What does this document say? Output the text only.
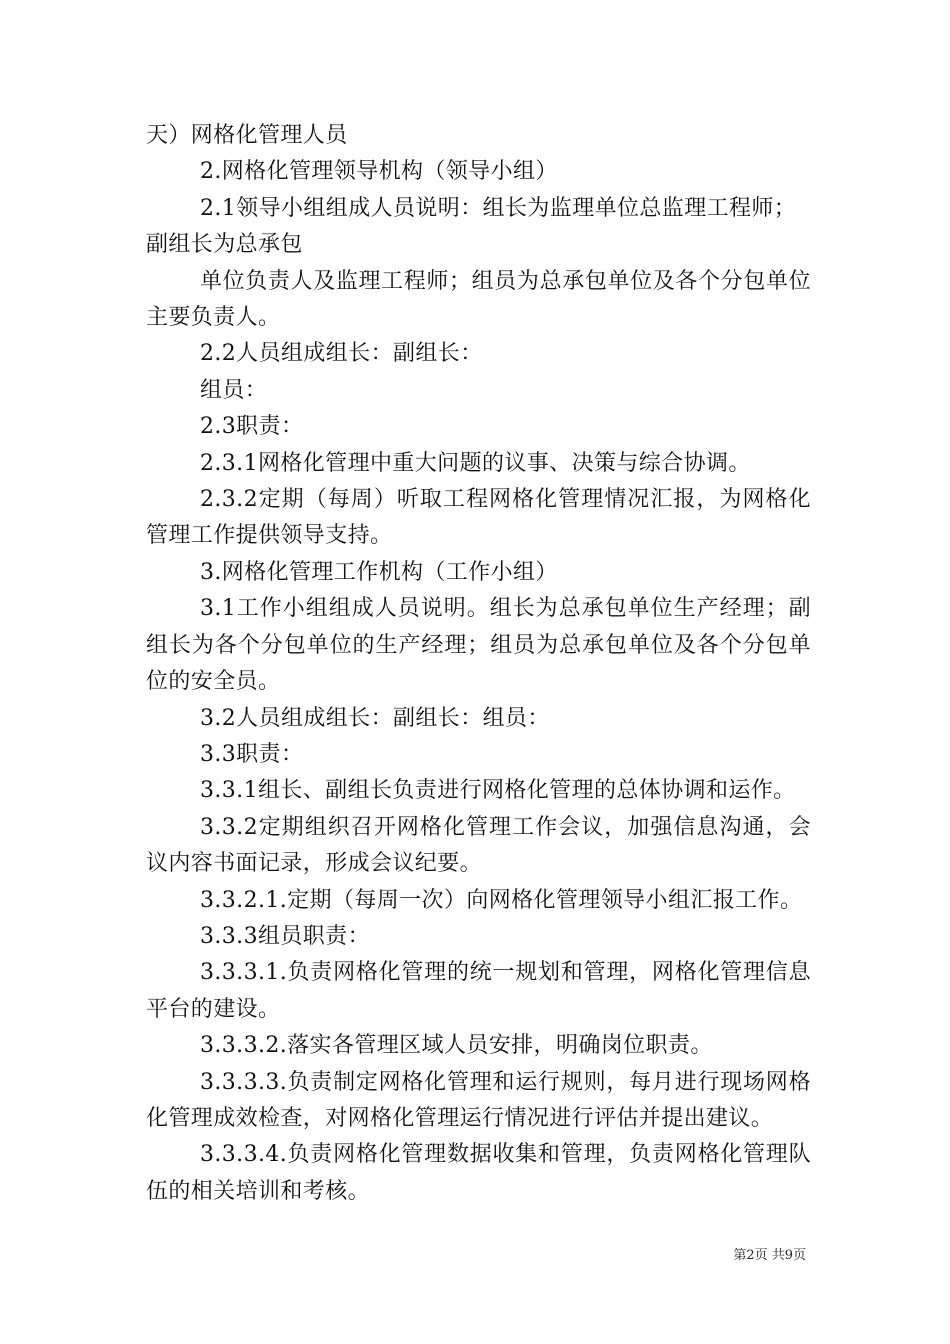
天）网格化管理人员

2.网格化管理领导机构（领导小组）

2.1领导小组组成人员说明：组长为监理单位总监理工程师；

副组长为总承包

单位负责人及监理工程师；组员为总承包单位及各个分包单位主要负责人。

2.2人员组成组长：副组长：

组员：

2.3职责：

2.3.1网格化管理中重大问题的议事、决策与综合协调。

2.3.2定期（每周）听取工程网格化管理情况汇报，为网格化管理工作提供领导支持。

3.网格化管理工作机构（工作小组）

3.1工作小组组成人员说明。组长为总承包单位生产经理；副组长为各个分包单位的生产经理；组员为总承包单位及各个分包单位的安全员。

3.2人员组成组长：副组长：组员：

3.3职责：

3.3.1组长、副组长负责进行网格化管理的总体协调和运作。

3.3.2定期组织召开网格化管理工作会议，加强信息沟通，会议内容书面记录，形成会议纪要。

3.3.2.1.定期（每周一次）向网格化管理领导小组汇报工作。

3.3.3组员职责：

3.3.3.1.负责网格化管理的统一规划和管理，网格化管理信息平台的建设。

3.3.3.2.落实各管理区域人员安排，明确岗位职责。

3.3.3.3.负责制定网格化管理和运行规则，每月进行现场网格化管理成效检查，对网格化管理运行情况进行评估并提出建议。

3.3.3.4.负责网格化管理数据收集和管理，负责网格化管理队伍的相关培训和考核。

第2页 共9页
